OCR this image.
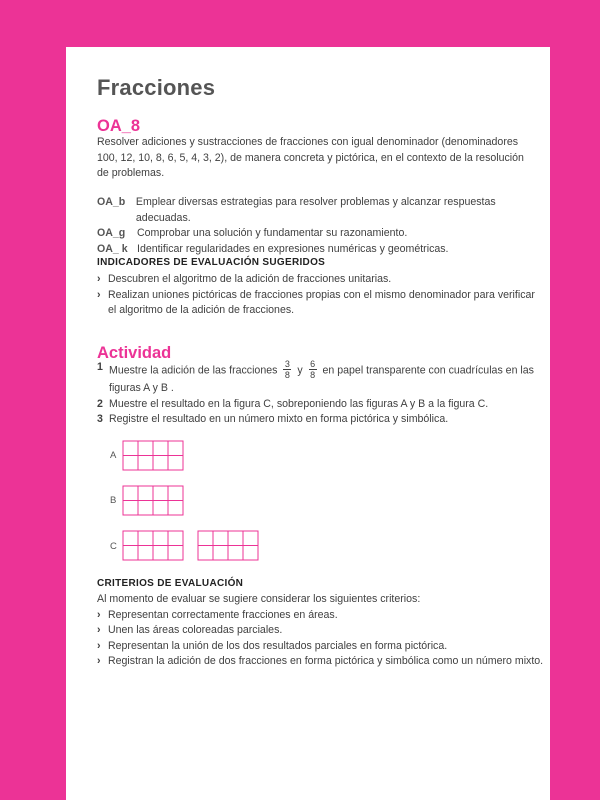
Fracciones
OA_8
Resolver adiciones y sustracciones de fracciones con igual denominador (denominadores 100, 12, 10, 8, 6, 5, 4, 3, 2), de manera concreta y pictórica, en el contexto de la resolución de problemas.
OA_b	Emplear diversas estrategias para resolver problemas y alcanzar respuestas adecuadas.
OA_g	Comprobar una solución y fundamentar su razonamiento.
OA_ k Identificar regularidades en expresiones numéricas y geométricas.
INDICADORES DE EVALUACIÓN SUGERIDOS
› Descubren el algoritmo de la adición de fracciones unitarias.
› Realizan uniones pictóricas de fracciones propias con el mismo denominador para verificar el algoritmo de la adición de fracciones.
Actividad
1 Muestre la adición de las fracciones $\frac{3}{8}$ y $\frac{6}{8}$ en papel transparente con cuadrículas en las figuras A y B .
2 Muestre el resultado en la figura C, sobreponiendo las figuras A y B a la figura C.
3 Registre el resultado en un número mixto en forma pictórica y simbólica.
A
B
C
CRITERIOS DE EVALUACIÓN
Al momento de evaluar se sugiere considerar los siguientes criterios:
› Representan correctamente fracciones en áreas.
› Unen las áreas coloreadas parciales.
› Representan la unión de los dos resultados parciales en forma pictórica.
› Registran la adición de dos fracciones en forma pictórica y simbólica como un número mixto.
